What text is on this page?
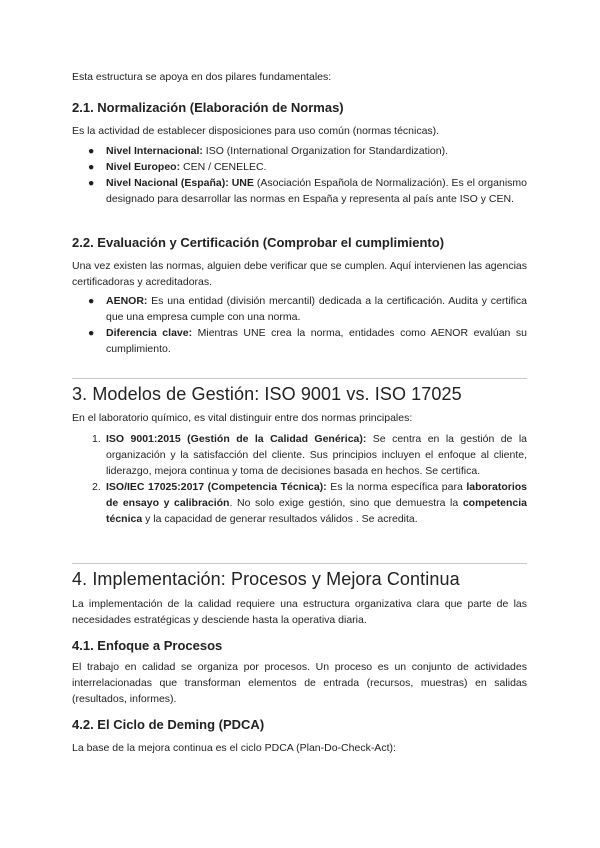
Esta estructura se apoya en dos pilares fundamentales:

2.1. Normalización (Elaboración de Normas)

Es la actividad de establecer disposiciones para uso común (normas técnicas).

● Nivel Internacional: ISO (International Organization for Standardization).
● Nivel Europeo: CEN / CENELEC.
● Nivel Nacional (España): UNE (Asociación Española de Normalización). Es el organismo designado para desarrollar las normas en España y representa al país ante ISO y CEN.
2.2. Evaluación y Certificación (Comprobar el cumplimiento)

Una vez existen las normas, alguien debe verificar que se cumplen. Aquí intervienen las agencias certificadoras y acreditadoras.

● AENOR: Es una entidad (división mercantil) dedicada a la certificación. Audita y certifica que una empresa cumple con una norma.
● Diferencia clave: Mientras UNE crea la norma, entidades como AENOR evalúan su cumplimiento.
3. Modelos de Gestión: ISO 9001 vs. ISO 17025

En el laboratorio químico, es vital distinguir entre dos normas principales:

1. ISO 9001:2015 (Gestión de la Calidad Genérica): Se centra en la gestión de la organización y la satisfacción del cliente. Sus principios incluyen el enfoque al cliente, liderazgo, mejora continua y toma de decisiones basada en hechos. Se certifica.
2. ISO/IEC 17025:2017 (Competencia Técnica): Es la norma específica para laboratorios de ensayo y calibración. No solo exige gestión, sino que demuestra la competencia técnica y la capacidad de generar resultados válidos . Se acredita.
4. Implementación: Procesos y Mejora Continua

La implementación de la calidad requiere una estructura organizativa clara que parte de las necesidades estratégicas y desciende hasta la operativa diaria.

4.1. Enfoque a Procesos

El trabajo en calidad se organiza por procesos. Un proceso es un conjunto de actividades interrelacionadas que transforman elementos de entrada (recursos, muestras) en salidas (resultados, informes).

4.2. El Ciclo de Deming (PDCA)

La base de la mejora continua es el ciclo PDCA (Plan-Do-Check-Act):
